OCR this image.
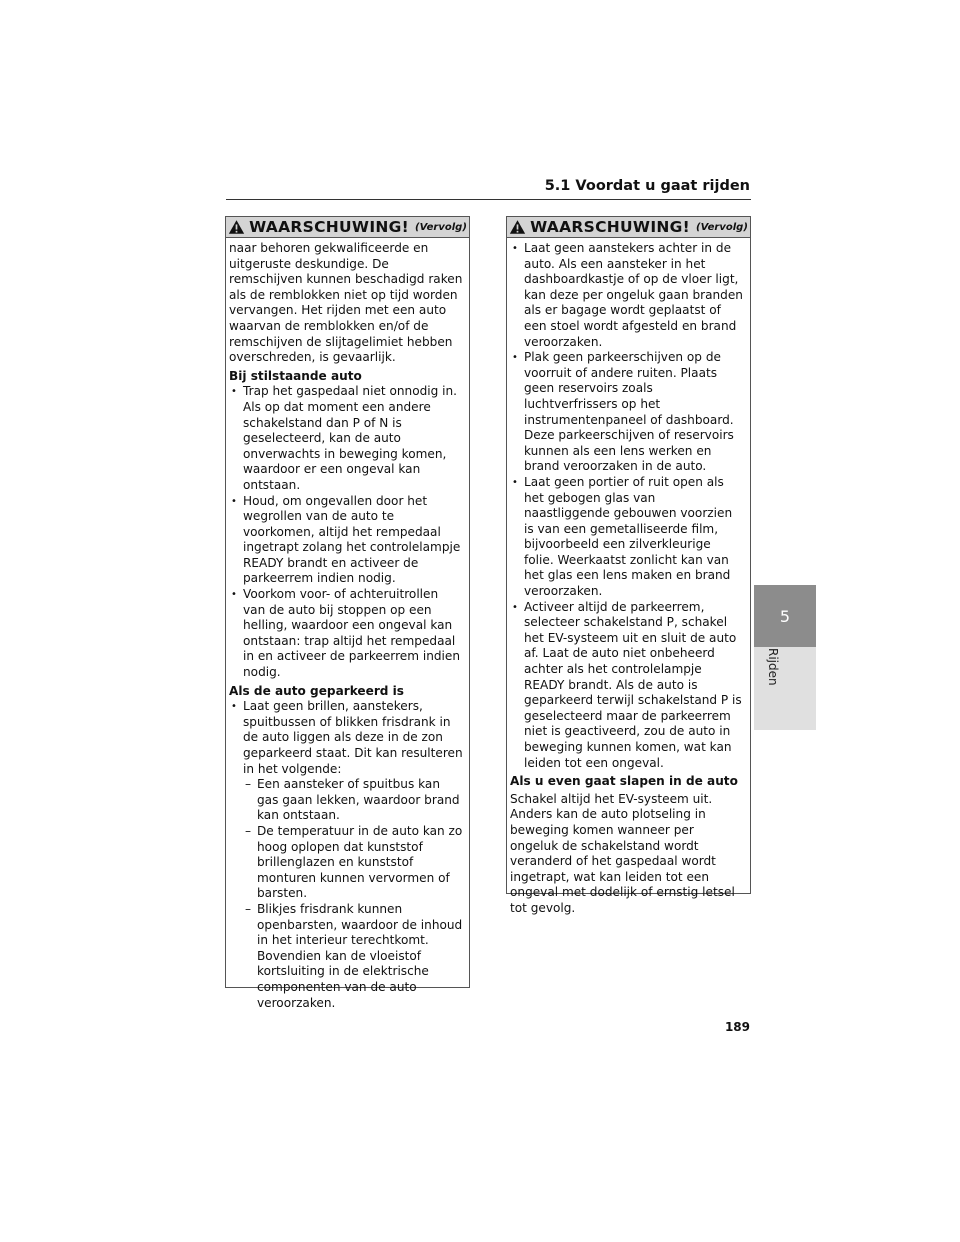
5.1 Voordat u gaat rijden
WAARSCHUWING! (Vervolg)

naar behoren gekwalificeerde en uitgeruste deskundige. De remschijven kunnen beschadigd raken als de remblokken niet op tijd worden vervangen. Het rijden met een auto waarvan de remblokken en/of de remschijven de slijtagelimiet hebben overschreden, is gevaarlijk.

Bij stilstaande auto
• Trap het gaspedaal niet onnodig in. Als op dat moment een andere schakelstand dan P of N is geselecteerd, kan de auto onverwachts in beweging komen, waardoor er een ongeval kan ontstaan.
• Houd, om ongevallen door het wegrollen van de auto te voorkomen, altijd het rempedaal ingetrapt zolang het controlelampje READY brandt en activeer de parkeerrem indien nodig.
• Voorkom voor- of achteruitrollen van de auto bij stoppen op een helling, waardoor een ongeval kan ontstaan: trap altijd het rempedaal in en activeer de parkeerrem indien nodig.
Als de auto geparkeerd is
• Laat geen brillen, aanstekers, spuitbussen of blikken frisdrank in de auto liggen als deze in de zon geparkeerd staat. Dit kan resulteren in het volgende:
– Een aansteker of spuitbus kan gas gaan lekken, waardoor brand kan ontstaan.
– De temperatuur in de auto kan zo hoog oplopen dat kunststof brillenglazen en kunststof monturen kunnen vervormen of barsten.
– Blikjes frisdrank kunnen openbarsten, waardoor de inhoud in het interieur terechtkomt. Bovendien kan de vloeistof kortsluiting in de elektrische componenten van de auto veroorzaken.
WAARSCHUWING! (Vervolg)
• Laat geen aanstekers achter in de auto. Als een aansteker in het dashboardkastje of op de vloer ligt, kan deze per ongeluk gaan branden als er bagage wordt geplaatst of een stoel wordt afgesteld en brand veroorzaken.
• Plak geen parkeerschijven op de voorruit of andere ruiten. Plaats geen reservoirs zoals luchtverfrissers op het instrumentenpaneel of dashboard. Deze parkeerschijven of reservoirs kunnen als een lens werken en brand veroorzaken in de auto.
• Laat geen portier of ruit open als het gebogen glas van naastliggende gebouwen voorzien is van een gemetalliseerde film, bijvoorbeeld een zilverkleurige folie. Weerkaatst zonlicht kan van het glas een lens maken en brand veroorzaken.
• Activeer altijd de parkeerrem, selecteer schakelstand P, schakel het EV-systeem uit en sluit de auto af. Laat de auto niet onbeheerd achter als het controlelampje READY brandt. Als de auto is geparkeerd terwijl schakelstand P is geselecteerd maar de parkeerrem niet is geactiveerd, zou de auto in beweging kunnen komen, wat kan leiden tot een ongeval.
Als u even gaat slapen in de auto

Schakel altijd het EV-systeem uit. Anders kan de auto plotseling in beweging komen wanneer per ongeluk de schakelstand wordt veranderd of het gaspedaal wordt ingetrapt, wat kan leiden tot een ongeval met dodelijk of ernstig letsel tot gevolg.

5
Rijden
189
